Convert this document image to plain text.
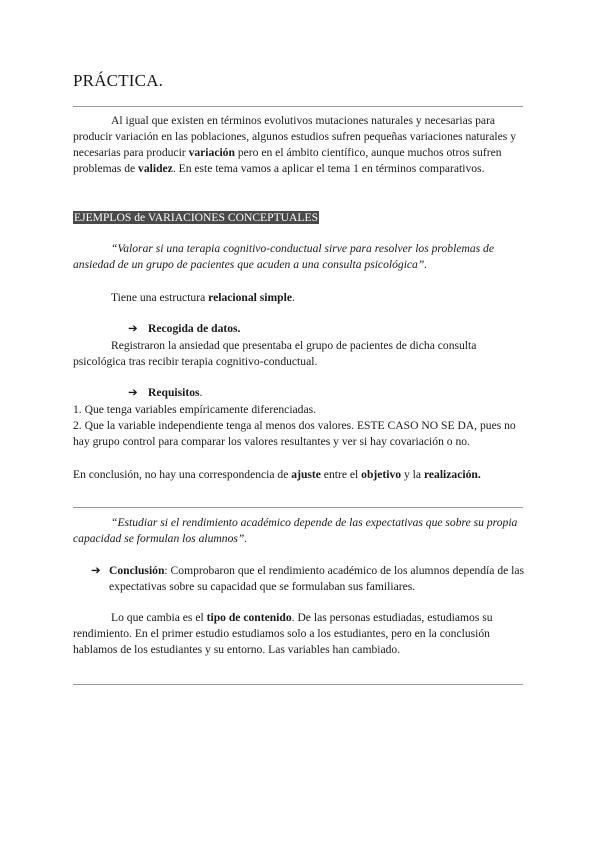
PRÁCTICA.

Al igual que existen en términos evolutivos mutaciones naturales y necesarias para producir variación en las poblaciones, algunos estudios sufren pequeñas variaciones naturales y necesarias para producir variación pero en el ámbito científico, aunque muchos otros sufren problemas de validez. En este tema vamos a aplicar el tema 1 en términos comparativos.

EJEMPLOS de VARIACIONES CONCEPTUALES

“Valorar si una terapia cognitivo-conductual sirve para resolver los problemas de ansiedad de un grupo de pacientes que acuden a una consulta psicológica”.

Tiene una estructura relacional simple.

➔ Recogida de datos.

Registraron la ansiedad que presentaba el grupo de pacientes de dicha consulta psicológica tras recibir terapia cognitivo-conductual.

➔ Requisitos.

1. Que tenga variables empíricamente diferenciadas.

2. Que la variable independiente tenga al menos dos valores. ESTE CASO NO SE DA, pues no hay grupo control para comparar los valores resultantes y ver si hay covariación o no.

En conclusión, no hay una correspondencia de ajuste entre el objetivo y la realización.

“Estudiar si el rendimiento académico depende de las expectativas que sobre su propia capacidad se formulan los alumnos”.

➔ Conclusión: Comprobaron que el rendimiento académico de los alumnos dependía de las expectativas sobre su capacidad que se formulaban sus familiares.

Lo que cambia es el tipo de contenido. De las personas estudiadas, estudiamos su rendimiento. En el primer estudio estudiamos solo a los estudiantes, pero en la conclusión hablamos de los estudiantes y su entorno. Las variables han cambiado.
